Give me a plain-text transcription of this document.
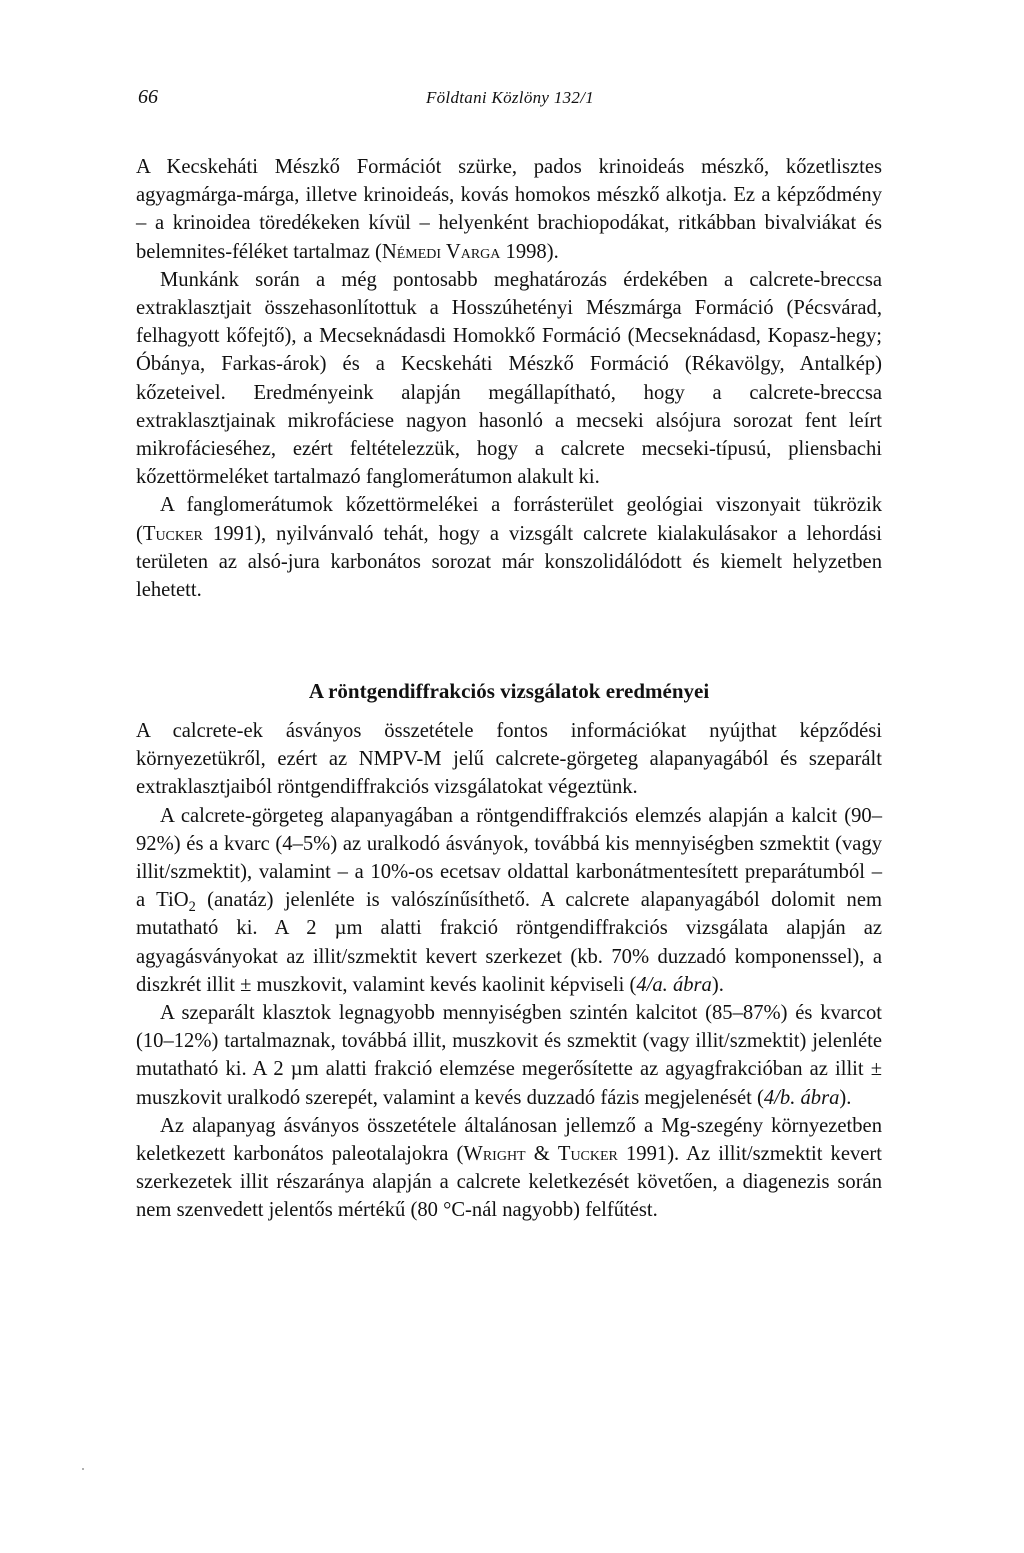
66	Földtani Közlöny 132/1

A Kecskeháti Mészkő Formációt szürke, pados krinoideás mészkő, kőzetlisztes agyagmárga-márga, illetve krinoideás, kovás homokos mészkő alkotja. Ez a képződmény – a krinoidea töredékeken kívül – helyenként brachiopodákat, ritkábban bivalviákat és belemnites-féléket tartalmaz (Némedi Varga 1998).

Munkánk során a még pontosabb meghatározás érdekében a calcrete-breccsa extraklasztjait összehasonlítottuk a Hosszúhetényi Mészmárga Formáció (Pécsvárad, felhagyott kőfejtő), a Mecseknádasdi Homokkő Formáció (Mecseknádasd, Kopasz-hegy; Óbánya, Farkas-árok) és a Kecskeháti Mészkő Formáció (Rékavölgy, Antalkép) kőzeteivel. Eredményeink alapján megállapítható, hogy a calcrete-breccsa extraklasztjainak mikrofáciese nagyon hasonló a mecseki alsójura sorozat fent leírt mikrofácieséhez, ezért feltételezzük, hogy a calcrete mecseki-típusú, pliensbachi kőzettörmeléket tartalmazó fanglomerátumon alakult ki.

A fanglomerátumok kőzettörmelékei a forrásterület geológiai viszonyait tükrözik (Tucker 1991), nyilvánvaló tehát, hogy a vizsgált calcrete kialakulásakor a lehordási területen az alsó-jura karbonátos sorozat már konszolidálódott és kiemelt helyzetben lehetett.

A röntgendiffrakciós vizsgálatok eredményei

A calcrete-ek ásványos összetétele fontos információkat nyújthat képződési környezetükről, ezért az NMPV-M jelű calcrete-görgeteg alapanyagából és szeparált extraklasztjaiból röntgendiffrakciós vizsgálatokat végeztünk.

A calcrete-görgeteg alapanyagában a röntgendiffrakciós elemzés alapján a kalcit (90–92%) és a kvarc (4–5%) az uralkodó ásványok, továbbá kis mennyiségben szmektit (vagy illit/szmektit), valamint – a 10%-os ecetsav oldattal karbonátmentesített preparátumból – a TiO$_2$ (anatáz) jelenléte is valószínűsíthető. A calcrete alapanyagából dolomit nem mutatható ki. A 2 µm alatti frakció röntgendiffrakciós vizsgálata alapján az agyagásványokat az illit/szmektit kevert szerkezet (kb. 70% duzzadó komponenssel), a diszkrét illit ± muszkovit, valamint kevés kaolinit képviseli (4/a. ábra).

A szeparált klasztok legnagyobb mennyiségben szintén kalcitot (85–87%) és kvarcot (10–12%) tartalmaznak, továbbá illit, muszkovit és szmektit (vagy illit/szmektit) jelenléte mutatható ki. A 2 µm alatti frakció elemzése megerősítette az agyagfrakcióban az illit ± muszkovit uralkodó szerepét, valamint a kevés duzzadó fázis megjelenését (4/b. ábra).

Az alapanyag ásványos összetétele általánosan jellemző a Mg-szegény környezetben keletkezett karbonátos paleotalajokra (Wright & Tucker 1991). Az illit/szmektit kevert szerkezetek illit részaránya alapján a calcrete keletkezését követően, a diagenezis során nem szenvedett jelentős mértékű (80 °C-nál nagyobb) felfűtést.
